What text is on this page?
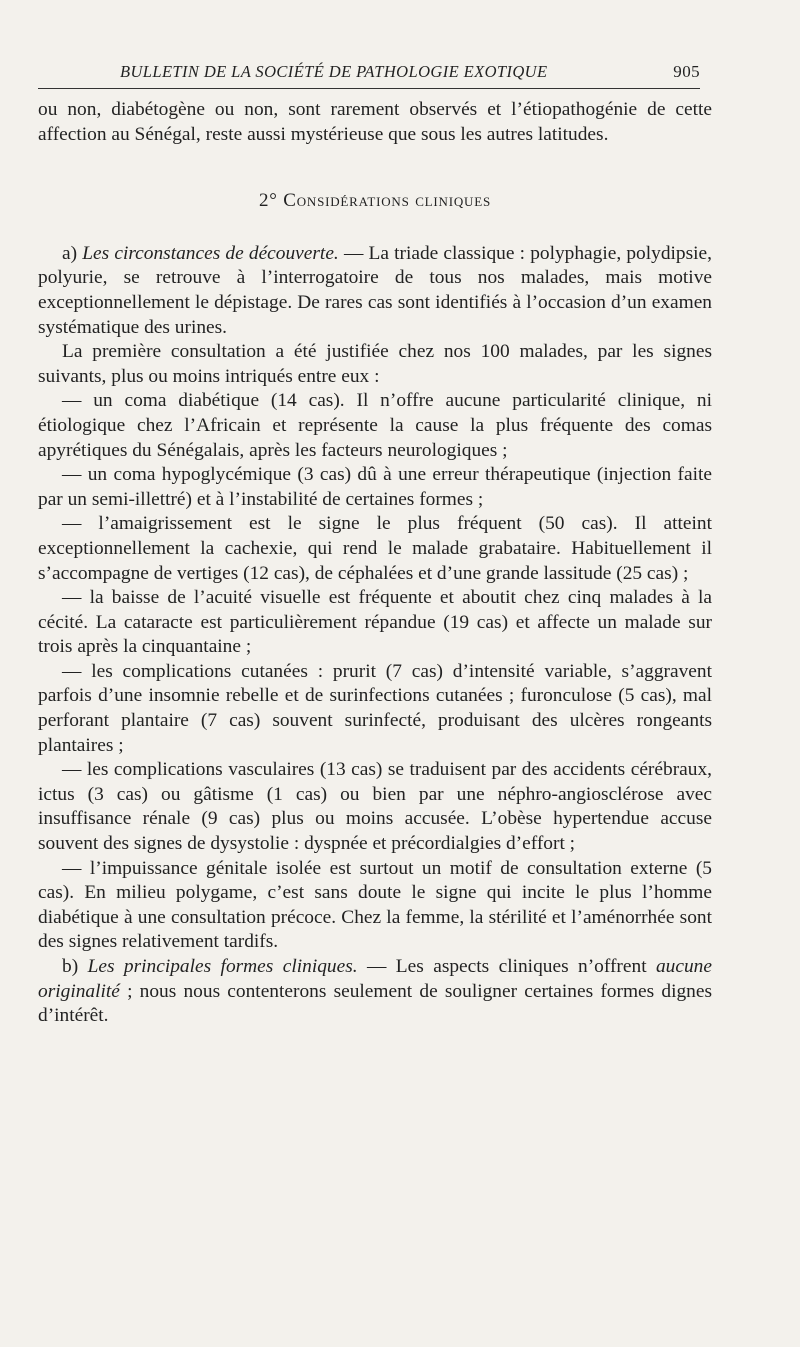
BULLETIN DE LA SOCIÉTÉ DE PATHOLOGIE EXOTIQUE	905

ou non, diabétogène ou non, sont rarement observés et l’étiopathogénie de cette affection au Sénégal, reste aussi mystérieuse que sous les autres latitudes.

2° Considérations cliniques

a) Les circonstances de découverte. — La triade classique : polyphagie, polydipsie, polyurie, se retrouve à l’interrogatoire de tous nos malades, mais motive exceptionnellement le dépistage. De rares cas sont identifiés à l’occasion d’un examen systématique des urines.

La première consultation a été justifiée chez nos 100 malades, par les signes suivants, plus ou moins intriqués entre eux :

— un coma diabétique (14 cas). Il n’offre aucune particularité clinique, ni étiologique chez l’Africain et représente la cause la plus fréquente des comas apyrétiques du Sénégalais, après les facteurs neurologiques ;

— un coma hypoglycémique (3 cas) dû à une erreur thérapeutique (injection faite par un semi-illettré) et à l’instabilité de certaines formes ;

— l’amaigrissement est le signe le plus fréquent (50 cas). Il atteint exceptionnellement la cachexie, qui rend le malade grabataire. Habituellement il s’accompagne de vertiges (12 cas), de céphalées et d’une grande lassitude (25 cas) ;

— la baisse de l’acuité visuelle est fréquente et aboutit chez cinq malades à la cécité. La cataracte est particulièrement répandue (19 cas) et affecte un malade sur trois après la cinquantaine ;

— les complications cutanées : prurit (7 cas) d’intensité variable, s’aggravent parfois d’une insomnie rebelle et de surinfections cutanées ; furonculose (5 cas), mal perforant plantaire (7 cas) souvent surinfecté, produisant des ulcères rongeants plantaires ;

— les complications vasculaires (13 cas) se traduisent par des accidents cérébraux, ictus (3 cas) ou gâtisme (1 cas) ou bien par une néphro-angiosclérose avec insuffisance rénale (9 cas) plus ou moins accusée. L’obèse hypertendue accuse souvent des signes de dysystolie : dyspnée et précordialgies d’effort ;

— l’impuissance génitale isolée est surtout un motif de consultation externe (5 cas). En milieu polygame, c’est sans doute le signe qui incite le plus l’homme diabétique à une consultation précoce. Chez la femme, la stérilité et l’aménorrhée sont des signes relativement tardifs.

b) Les principales formes cliniques. — Les aspects cliniques n’offrent aucune originalité ; nous nous contenterons seulement de souligner certaines formes dignes d’intérêt.
